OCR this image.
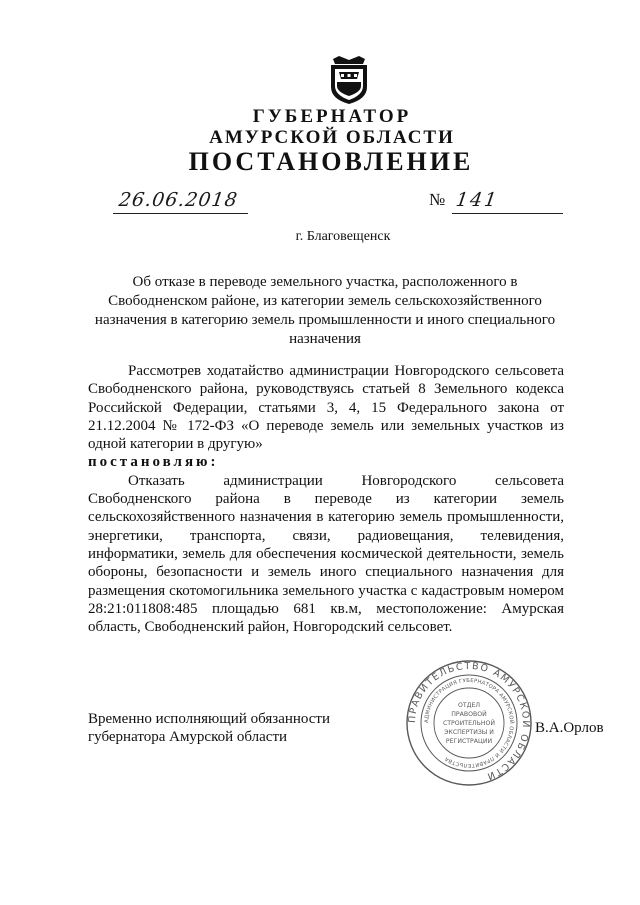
ГУБЕРНАТОР
АМУРСКОЙ ОБЛАСТИ
ПОСТАНОВЛЕНИЕ
26.06.2018	№ 141
г. Благовещенск
Об отказе в переводе земельного участка, расположенного в Свободненском районе, из категории земель сельскохозяйственного назначения в категорию земель промышленности и иного специального назначения

Рассмотрев ходатайство администрации Новгородского сельсовета Свободненского района, руководствуясь статьей 8 Земельного кодекса Российской Федерации, статьями 3, 4, 15 Федерального закона от 21.12.2004 № 172-ФЗ «О переводе земель или земельных участков из одной категории в другую»

постановляю:

Отказать администрации Новгородского сельсовета Свободненского района в переводе из категории земель сельскохозяйственного назначения в категорию земель промышленности, энергетики, транспорта, связи, радиовещания, телевидения, информатики, земель для обеспечения космической деятельности, земель обороны, безопасности и земель иного специального назначения для размещения скотомогильника земельного участка с кадастровым номером 28:21:011808:485 площадью 681 кв.м, местоположение: Амурская область, Свободненский район, Новгородский сельсовет.

Временно исполняющий обязанности
губернатора Амурской области
В.А.Орлов
ПРАВИТЕЛЬСТВО АМУРСКОЙ ОБЛАСТИ
АДМИНИСТРАЦИЯ ГУБЕРНАТОРА АМУРСКОЙ ОБЛАСТИ И ПРАВИТЕЛЬСТВА
ОТДЕЛ
ПРАВОВОЙ
СТРОИТЕЛЬНОЙ
ЭКСПЕРТИЗЫ И
РЕГИСТРАЦИИ
